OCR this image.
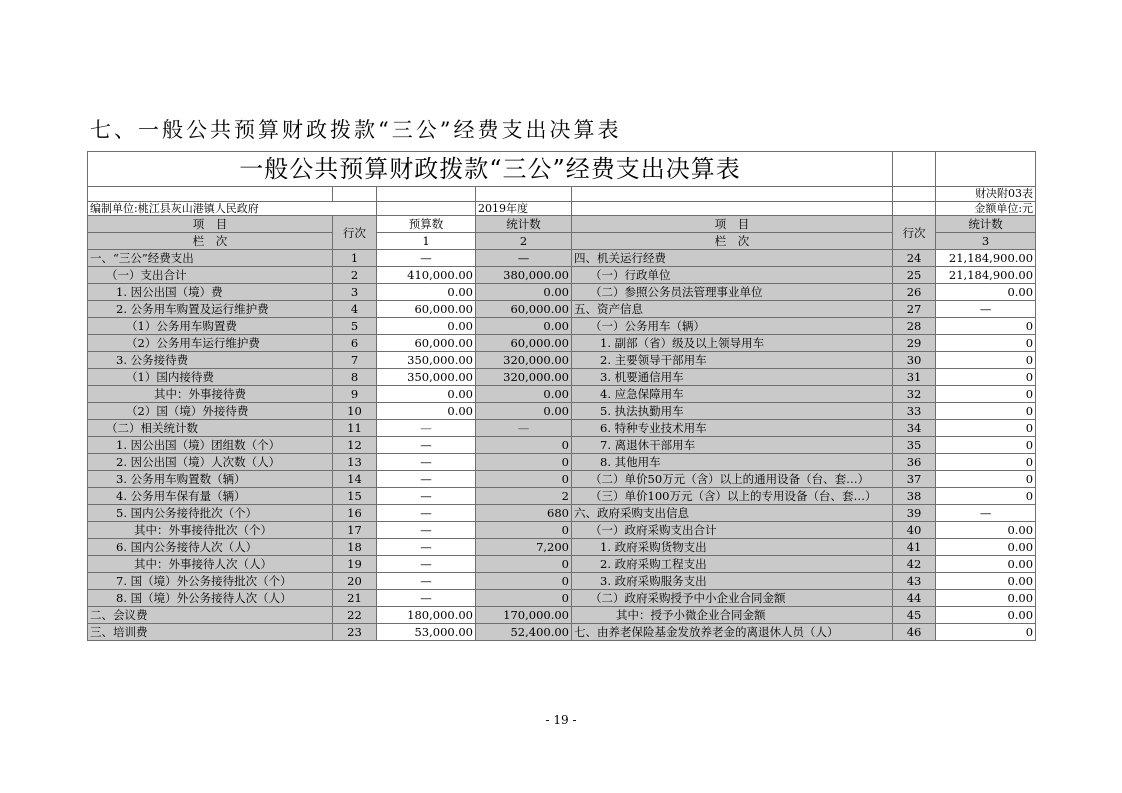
七、一般公共预算财政拨款“三公”经费支出决算表
一般公共预算财政拨款“三公”经费支出决算表						
						财决附03表
编制单位:桃江县灰山港镇人民政府			2019年度			金额单位:元
项　目	行次	预算数	统计数	项　目	行次	统计数
栏　次		1	2	栏　次		3
一、“三公”经费支出	1	—	—	四、机关运行经费	24	21,184,900.00
（一）支出合计	2	410,000.00	380,000.00	（一）行政单位	25	21,184,900.00
1. 因公出国（境）费	3	0.00	0.00	（二）参照公务员法管理事业单位	26	0.00
2. 公务用车购置及运行维护费	4	60,000.00	60,000.00	五、资产信息	27	—
（1）公务用车购置费	5	0.00	0.00	（一）公务用车（辆）	28	0
（2）公务用车运行维护费	6	60,000.00	60,000.00	1. 副部（省）级及以上领导用车	29	0
3. 公务接待费	7	350,000.00	320,000.00	2. 主要领导干部用车	30	0
（1）国内接待费	8	350,000.00	320,000.00	3. 机要通信用车	31	0
其中：外事接待费	9	0.00	0.00	4. 应急保障用车	32	0
（2）国（境）外接待费	10	0.00	0.00	5. 执法执勤用车	33	0
（二）相关统计数	11	—	—	6. 特种专业技术用车	34	0
1. 因公出国（境）团组数（个）	12	—	0	7. 离退休干部用车	35	0
2. 因公出国（境）人次数（人）	13	—	0	8. 其他用车	36	0
3. 公务用车购置数（辆）	14	—	0	（二）单价50万元（含）以上的通用设备（台、套…）	37	0
4. 公务用车保有量（辆）	15	—	2	（三）单价100万元（含）以上的专用设备（台、套…）	38	0
5. 国内公务接待批次（个）	16	—	680	六、政府采购支出信息	39	—
其中：外事接待批次（个）	17	—	0	（一）政府采购支出合计	40	0.00
6. 国内公务接待人次（人）	18	—	7,200	1. 政府采购货物支出	41	0.00
其中：外事接待人次（人）	19	—	0	2. 政府采购工程支出	42	0.00
7. 国（境）外公务接待批次（个）	20	—	0	3. 政府采购服务支出	43	0.00
8. 国（境）外公务接待人次（人）	21	—	0	（二）政府采购授予中小企业合同金额	44	0.00
二、会议费	22	180,000.00	170,000.00	其中：授予小微企业合同金额	45	0.00
三、培训费	23	53,000.00	52,400.00	七、由养老保险基金发放养老金的离退休人员（人）	46	0
- 19 -
